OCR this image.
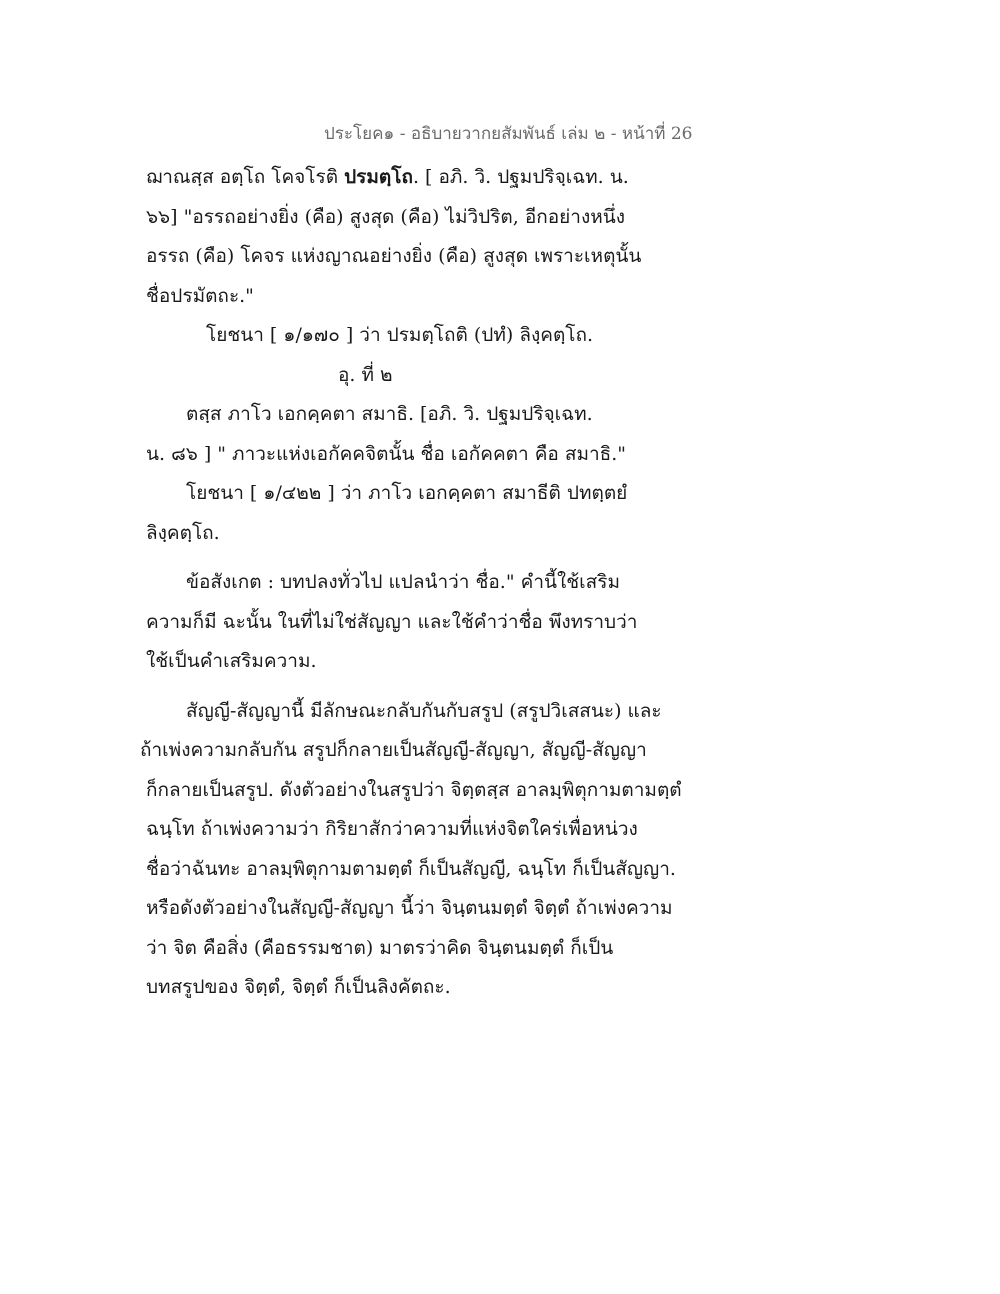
ประโยค๑ - อธิบายวากยสัมพันธ์ เล่ม ๒ - หน้าที่ 26
ฌาณสฺส อตฺโถ โคจโรติ ปรมตฺโถ. [ อภิ. วิ. ปฐมปริจฺเฉท. น.
๖๖] "อรรถอย่างยิ่ง (คือ) สูงสุด (คือ) ไม่วิปริต, อีกอย่างหนึ่ง
อรรถ (คือ) โคจร แห่งญาณอย่างยิ่ง (คือ) สูงสุด เพราะเหตุนั้น
ชื่อปรมัตถะ."
โยชนา [ ๑/๑๗๐ ] ว่า ปรมตฺโถติ (ปทํ) ลิงฺคตฺโถ.
อุ. ที่ ๒
ตสฺส ภาโว เอกคฺคตา สมาธิ. [อภิ. วิ. ปฐมปริจฺเฉท.
น. ๘๖ ] " ภาวะแห่งเอกัคคจิตนั้น ชื่อ เอกัคคตา คือ สมาธิ."
โยชนา [ ๑/๔๒๒ ] ว่า ภาโว เอกคฺคตา สมาธีติ ปทตฺตยํ
ลิงฺคตฺโถ.
ข้อสังเกต : บทปลงทั่วไป แปลนำว่า ชื่อ." คำนี้ใช้เสริม
ความก็มี ฉะนั้น ในที่ไม่ใช่สัญญา และใช้คำว่าชื่อ พึงทราบว่า
ใช้เป็นคำเสริมความ.
สัญญี-สัญญานี้ มีลักษณะกลับกันกับสรูป (สรูปวิเสสนะ) และ
ถ้าเพ่งความกลับกัน สรูปก็กลายเป็นสัญญี-สัญญา, สัญญี-สัญญา
ก็กลายเป็นสรูป. ดังตัวอย่างในสรูปว่า จิตฺตสฺส อาลมฺพิตุกามตามตฺตํ
ฉนฺโท ถ้าเพ่งความว่า กิริยาสักว่าความที่แห่งจิตใคร่เพื่อหน่วง
ชื่อว่าฉันทะ อาลมฺพิตุกามตามตฺตํ ก็เป็นสัญญี, ฉนฺโท ก็เป็นสัญญา.
หรือดังตัวอย่างในสัญญี-สัญญา นี้ว่า จินฺตนมตฺตํ จิตฺตํ ถ้าเพ่งความ
ว่า จิต คือสิ่ง (คือธรรมชาต) มาตรว่าคิด จินฺตนมตฺตํ ก็เป็น
บทสรูปของ จิตฺตํ, จิตฺตํ ก็เป็นลิงคัตถะ.
